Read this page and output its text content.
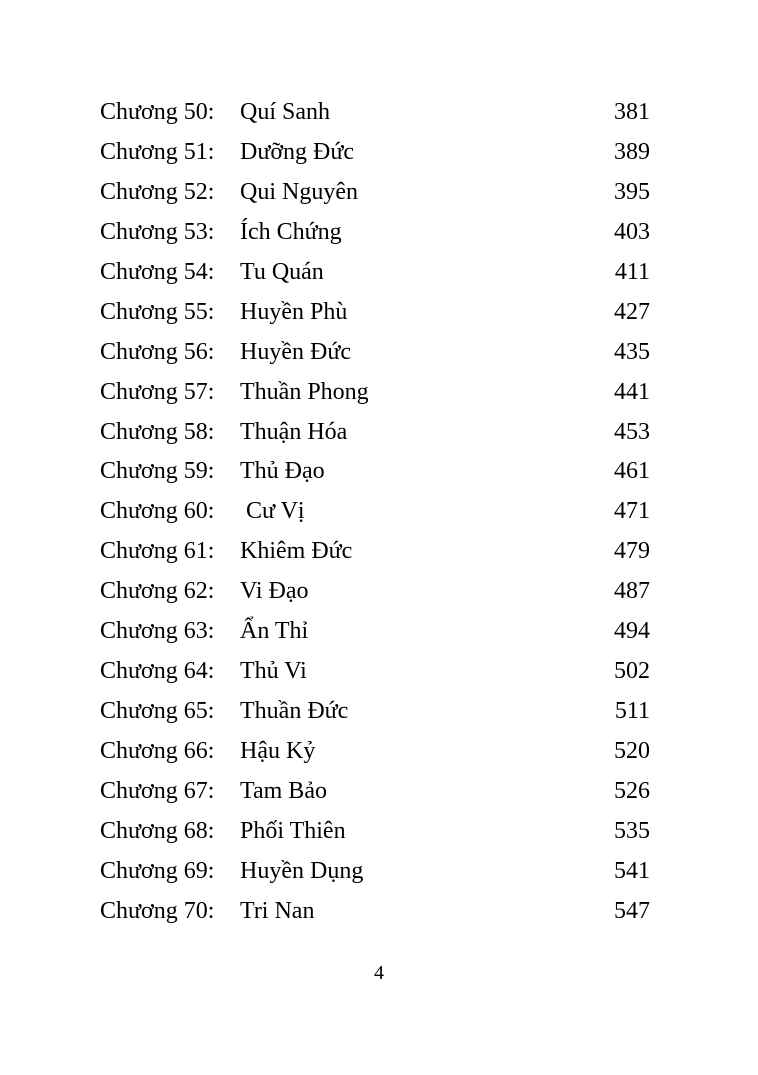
Chương 50: Quí Sanh	381
Chương 51: Dưỡng Đức	389
Chương 52: Qui Nguyên	395
Chương 53: Ích Chứng	403
Chương 54: Tu Quán	411
Chương 55: Huyền Phù	427
Chương 56: Huyền Đức	435
Chương 57: Thuần Phong	441
Chương 58: Thuận Hóa	453
Chương 59: Thủ Đạo	461
Chương 60: Cư Vị	471
Chương 61: Khiêm Đức	479
Chương 62: Vi Đạo	487
Chương 63: Ẩn Thỉ	494
Chương 64: Thủ Vi	502
Chương 65: Thuần Đức	511
Chương 66: Hậu Kỷ	520
Chương 67: Tam Bảo	526
Chương 68: Phối Thiên	535
Chương 69: Huyền Dụng	541
Chương 70: Tri Nan	547
4
